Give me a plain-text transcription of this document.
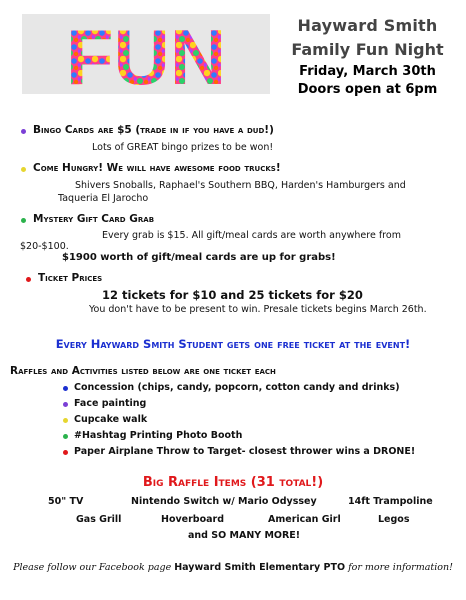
FUN	Hayward Smith
Family Fun Night
Friday, March 30th
Doors open at 6pm
Bingo Cards are $5 (trade in if you have a dud!)
Lots of GREAT bingo prizes to be won!
Come Hungry! We will have awesome food trucks!
Shivers Snoballs, Raphael's Southern BBQ, Harden's Hamburgers and
Taqueria El Jarocho
Mystery Gift Card Grab
Every grab is $15. All gift/meal cards are worth anywhere from
$20-$100.
$1900 worth of gift/meal cards are up for grabs!
Ticket Prices
12 tickets for $10 and 25 tickets for $20
You don't have to be present to win. Presale tickets begins March 26th.
Every Hayward Smith Student gets one free ticket at the event!
Raffles and Activities listed below are one ticket each
Concession (chips, candy, popcorn, cotton candy and drinks)
Face painting
Cupcake walk
#Hashtag Printing Photo Booth
Paper Airplane Throw to Target- closest thrower wins a DRONE!
Big Raffle Items (31 total!)
50" TV	Nintendo Switch w/ Mario Odyssey	14ft Trampoline
Gas Grill	Hoverboard	American Girl	Legos
and SO MANY MORE!
Please follow our Facebook page Hayward Smith Elementary PTO for more information!
